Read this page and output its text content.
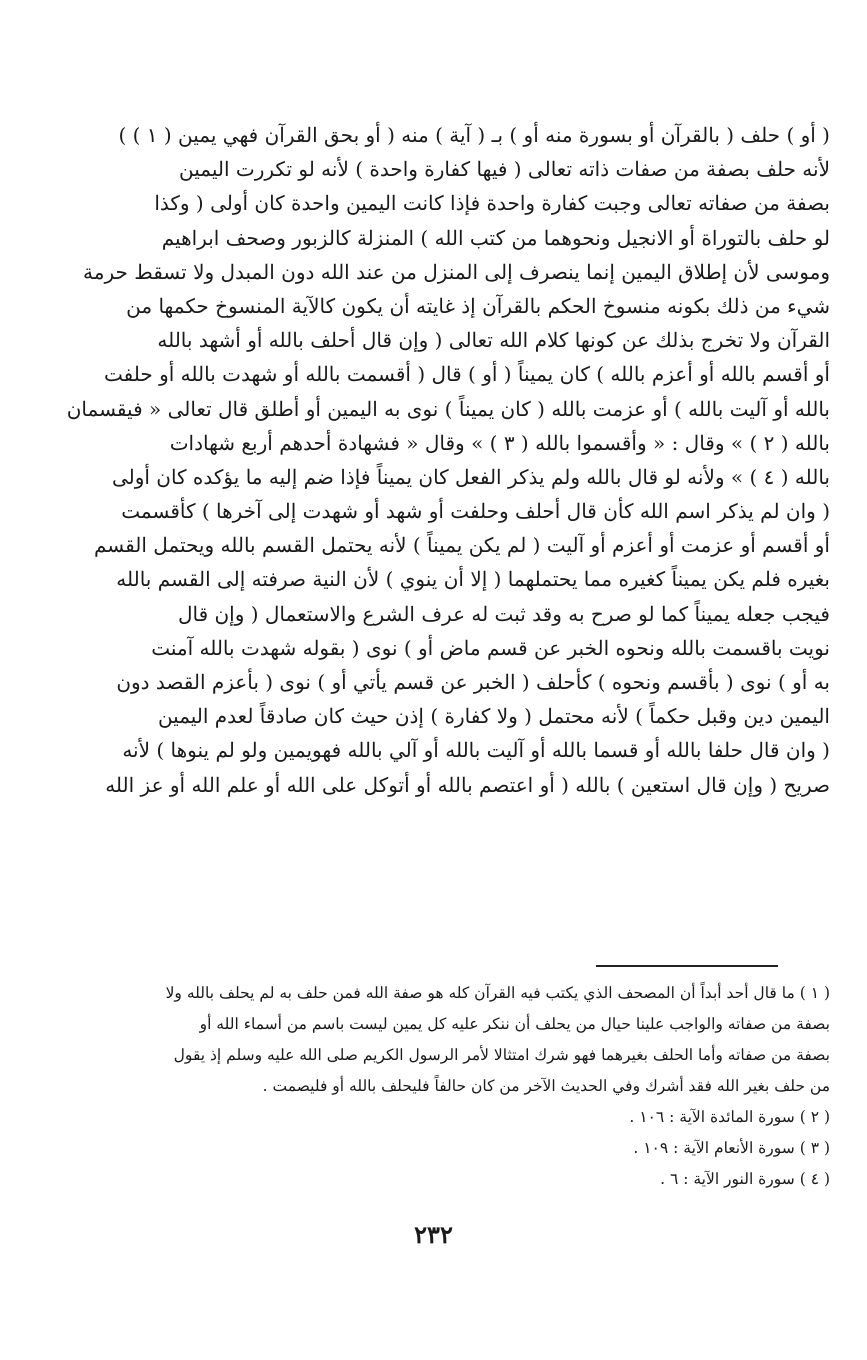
( أو ) حلف ( بالقرآن أو بسورة منه أو ) بـ ( آية ) منه ( أو بحق القرآن فهي يمين ( ١ ) )
لأنه حلف بصفة من صفات ذاته تعالى ( فيها كفارة واحدة ) لأنه لو تكررت اليمين
بصفة من صفاته تعالى وجبت كفارة واحدة فإذا كانت اليمين واحدة كان أولى ( وكذا
لو حلف بالتوراة أو الانجيل ونحوهما من كتب الله ) المنزلة كالزبور وصحف ابراهيم
وموسى لأن إطلاق اليمين إنما ينصرف إلى المنزل من عند الله دون المبدل ولا تسقط حرمة
شيء من ذلك بكونه منسوخ الحكم بالقرآن إذ غايته أن يكون كالآية المنسوخ حكمها من
القرآن ولا تخرج بذلك عن كونها كلام الله تعالى ( وإن قال أحلف بالله أو أشهد بالله
أو أقسم بالله أو أعزم بالله ) كان يميناً ( أو ) قال ( أقسمت بالله أو شهدت بالله أو حلفت
بالله أو آليت بالله ) أو عزمت بالله ( كان يميناً ) نوى به اليمين أو أطلق قال تعالى « فيقسمان
بالله ( ٢ ) » وقال : « وأقسموا بالله ( ٣ ) » وقال « فشهادة أحدهم أربع شهادات
بالله ( ٤ ) » ولأنه لو قال بالله ولم يذكر الفعل كان يميناً فإذا ضم إليه ما يؤكده كان أولى
( وان لم يذكر اسم الله كأن قال أحلف وحلفت أو شهد أو شهدت إلى آخرها ) كأقسمت
أو أقسم أو عزمت أو أعزم أو آليت ( لم يكن يميناً ) لأنه يحتمل القسم بالله ويحتمل القسم
بغيره فلم يكن يميناً كغيره مما يحتملهما ( إلا أن ينوي ) لأن النية صرفته إلى القسم بالله
فيجب جعله يميناً كما لو صرح به وقد ثبت له عرف الشرع والاستعمال ( وإن قال
نويت باقسمت بالله ونحوه الخبر عن قسم ماض أو ) نوى ( بقوله شهدت بالله آمنت
به أو ) نوى ( بأقسم ونحوه ) كأحلف ( الخبر عن قسم يأتي أو ) نوى ( بأعزم القصد دون
اليمين دين وقبل حكماً ) لأنه محتمل ( ولا كفارة ) إذن حيث كان صادقاً لعدم اليمين
( وان قال حلفا بالله أو قسما بالله أو آليت بالله أو آلي بالله فهويمين ولو لم ينوها ) لأنه
صريح ( وإن قال استعين ) بالله ( أو اعتصم بالله أو أتوكل على الله أو علم الله أو عز الله
( ١ ) ما قال أحد أبداً أن المصحف الذي يكتب فيه القرآن كله هو صفة الله فمن حلف به لم يحلف بالله ولا
بصفة من صفاته والواجب علينا حيال من يحلف أن ننكر عليه كل يمين ليست باسم من أسماء الله أو
بصفة من صفاته وأما الحلف بغيرهما فهو شرك امتثالا لأمر الرسول الكريم صلى الله عليه وسلم إذ يقول
من حلف بغير الله فقد أشرك وفي الحديث الآخر من كان حالفاً فليحلف بالله أو فليصمت .
( ٢ ) سورة المائدة الآية : ١٠٦ .
( ٣ ) سورة الأنعام الآية : ١٠٩ .
( ٤ ) سورة النور الآية : ٦ .
٢٣٢
